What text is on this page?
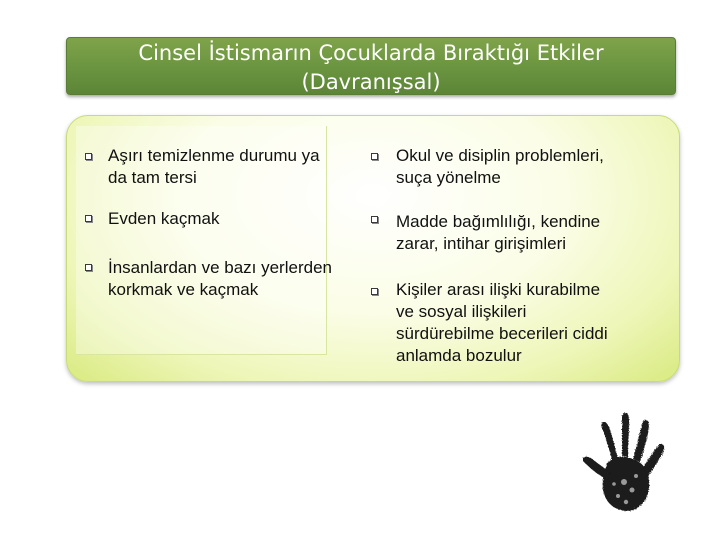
Cinsel İstismarın Çocuklarda Bıraktığı Etkiler
(Davranışsal)
Aşırı temizlenme durumu ya
da tam tersi
Evden kaçmak
İnsanlardan ve bazı yerlerden
korkmak ve kaçmak
Okul ve disiplin problemleri,
suça yönelme
Madde bağımlılığı, kendine
zarar, intihar girişimleri
Kişiler arası ilişki kurabilme
ve sosyal ilişkileri
sürdürebilme becerileri ciddi
anlamda bozulur
